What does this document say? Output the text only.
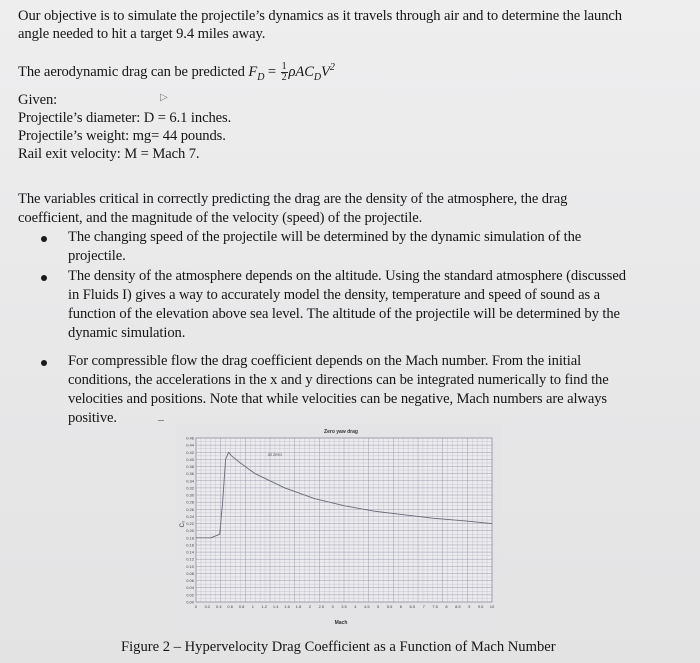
Our objective is to simulate the projectile’s dynamics as it travels through air and to determine the launch
angle needed to hit a target 9.4 miles away.
The aerodynamic drag can be predicted $F_D = \frac{1}{2} \rho AC_DV^2$
▷
Given:
Projectile’s diameter: D = 6.1 inches.
Projectile’s weight: mg= 44 pounds.
Rail exit velocity: M = Mach 7.
The variables critical in correctly predicting the drag are the density of the atmosphere, the drag
coefficient, and the magnitude of the velocity (speed) of the projectile.
The changing speed of the projectile will be determined by the dynamic simulation of the
projectile.
The density of the atmosphere depends on the altitude. Using the standard atmosphere (discussed
in Fluids I) gives a way to accurately model the density, temperature and speed of sound as a
function of the elevation above sea level. The altitude of the projectile will be determined by the
dynamic simulation.
For compressible flow the drag coefficient depends on the Mach number. From the initial
conditions, the accelerations in the x and y directions can be integrated numerically to find the
velocities and positions. Note that while velocities can be negative, Mach numbers are always
positive.
0.46
0.44
0.42
0.40
0.38
0.36
0.34
0.32
0.30
0.28
0.26
0.24
0.22
0.20
0.18
0.16
0.14
0.12
0.10
0.08
0.06
0.04
0.02
0.00
0 0.2 0.4 0.6 0.8 1 1.2 1.4 1.6 1.8 2 2.5 3 3.5 4 4.5 5 5.5 6 6.5 7 7.5 8 8.5 9 9.5 10
Zero yaw drag
at zero
Mach
C₀
Figure 2 – Hypervelocity Drag Coefficient as a Function of Mach Number
